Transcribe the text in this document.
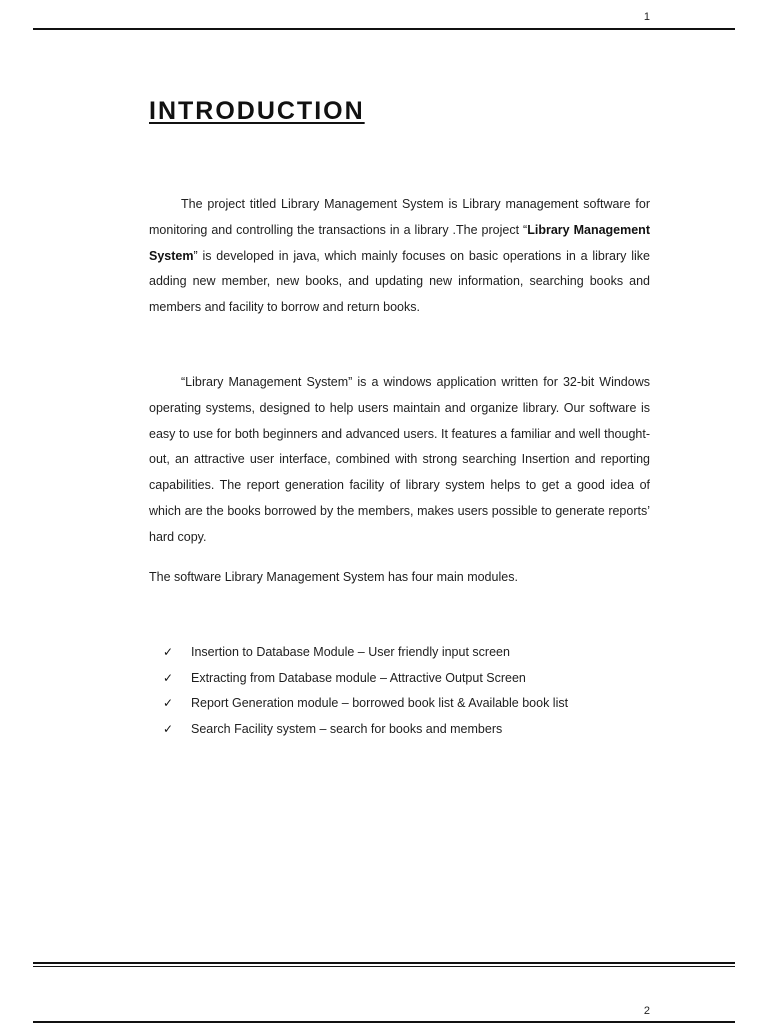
1
INTRODUCTION

The project titled Library Management System is Library management software for monitoring and controlling the transactions in a library .The project “Library Management System” is developed in java, which mainly focuses on basic operations in a library like adding new member, new books, and updating new information, searching books and members and facility to borrow and return books.

“Library Management System” is a windows application written for 32-bit Windows operating systems, designed to help users maintain and organize library. Our software is easy to use for both beginners and advanced users. It features a familiar and well thought-out, an attractive user interface, combined with strong searching Insertion and reporting capabilities. The report generation facility of library system helps to get a good idea of which are the books borrowed by the members, makes users possible to generate reports’ hard copy.

The software Library Management System has four main modules.

✓	Insertion to Database Module – User friendly input screen
✓	Extracting from Database module – Attractive Output Screen
✓	Report Generation module – borrowed book list & Available book list
✓	Search Facility system – search for books and members
2
